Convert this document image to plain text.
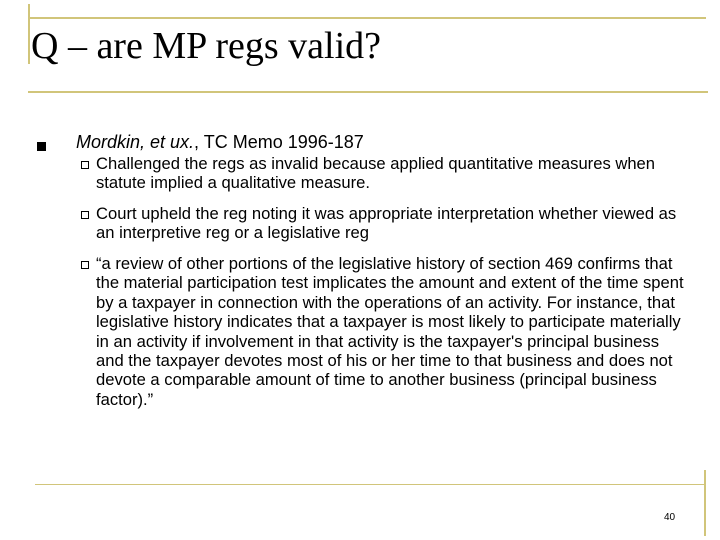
Q – are MP regs valid?
Mordkin, et ux., TC Memo 1996-187
Challenged the regs as invalid because applied quantitative measures when statute implied a qualitative measure.
Court upheld the reg noting it was appropriate interpretation whether viewed as an interpretive reg or a legislative reg
“a review of other portions of the legislative history of section 469 confirms that the material participation test implicates the amount and extent of the time spent by a taxpayer in connection with the operations of an activity. For instance, that legislative history indicates that a taxpayer is most likely to participate materially in an activity if involvement in that activity is the taxpayer's principal business and the taxpayer devotes most of his or her time to that business and does not devote a comparable amount of time to another business (principal business factor).”
40
